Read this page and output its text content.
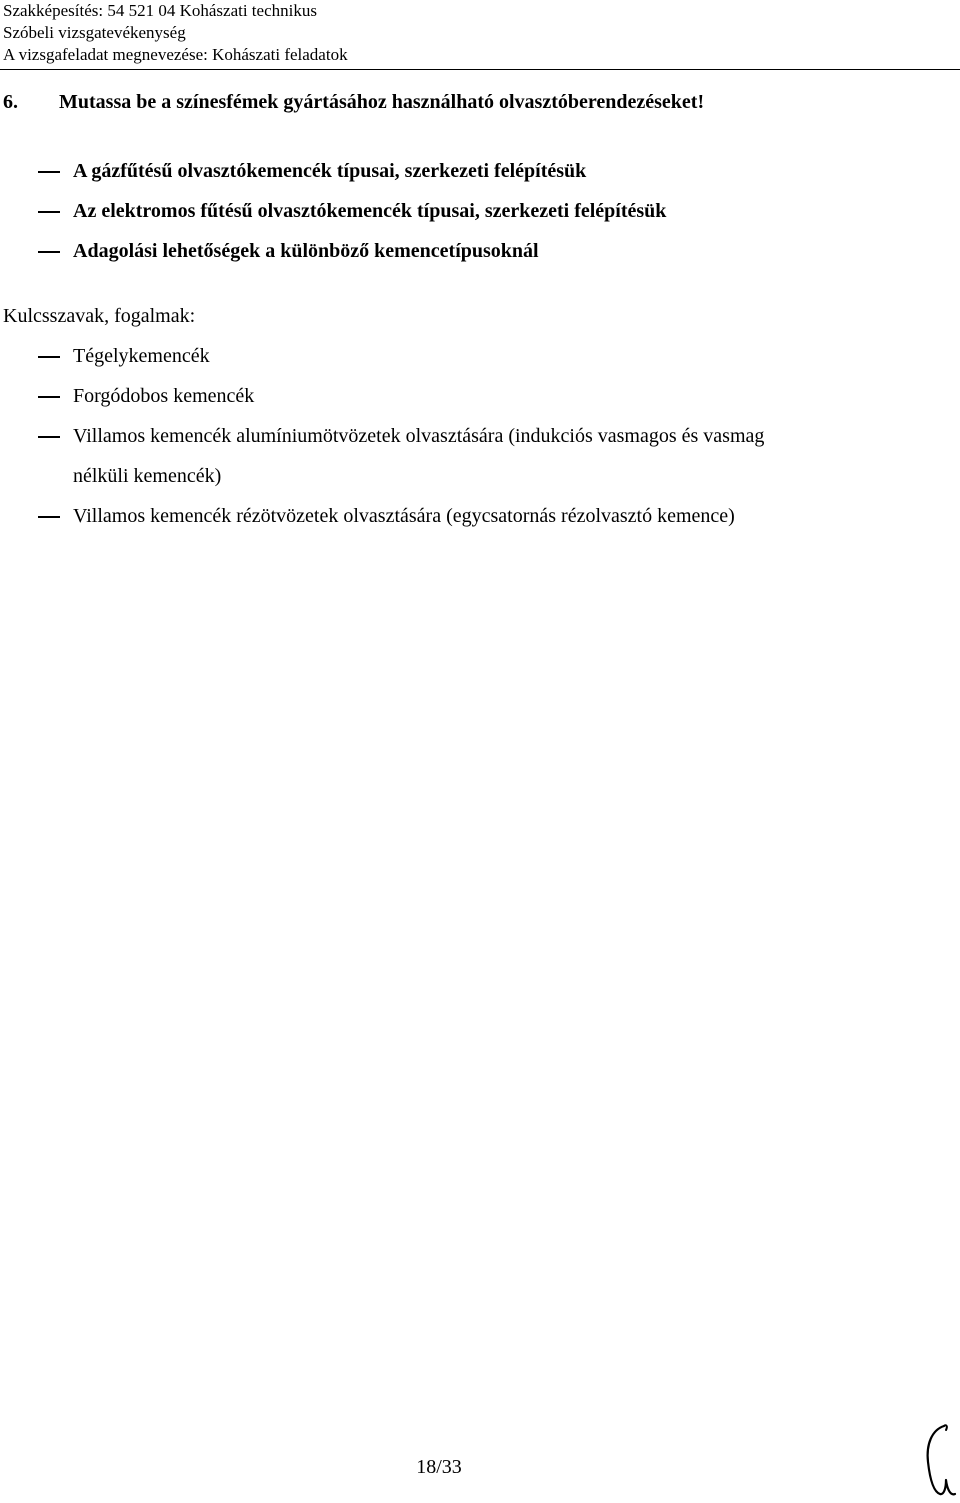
Szakképesítés: 54 521 04 Kohászati technikus
Szóbeli vizsgatevékenység
A vizsgafeladat megnevezése: Kohászati feladatok
6. Mutassa be a színesfémek gyártásához használható olvasztóberendezéseket!
A gázfűtésű olvasztókemencék típusai, szerkezeti felépítésük
Az elektromos fűtésű olvasztókemencék típusai, szerkezeti felépítésük
Adagolási lehetőségek a különböző kemencetípusoknál
Kulcsszavak, fogalmak:
Tégelykemencék
Forgódobos kemencék
Villamos kemencék alumíniumötvözetek olvasztására (indukciós vasmagos és vasmag
nélküli kemencék)
Villamos kemencék rézötvözetek olvasztására (egycsatornás rézolvasztó kemence)
18/33
